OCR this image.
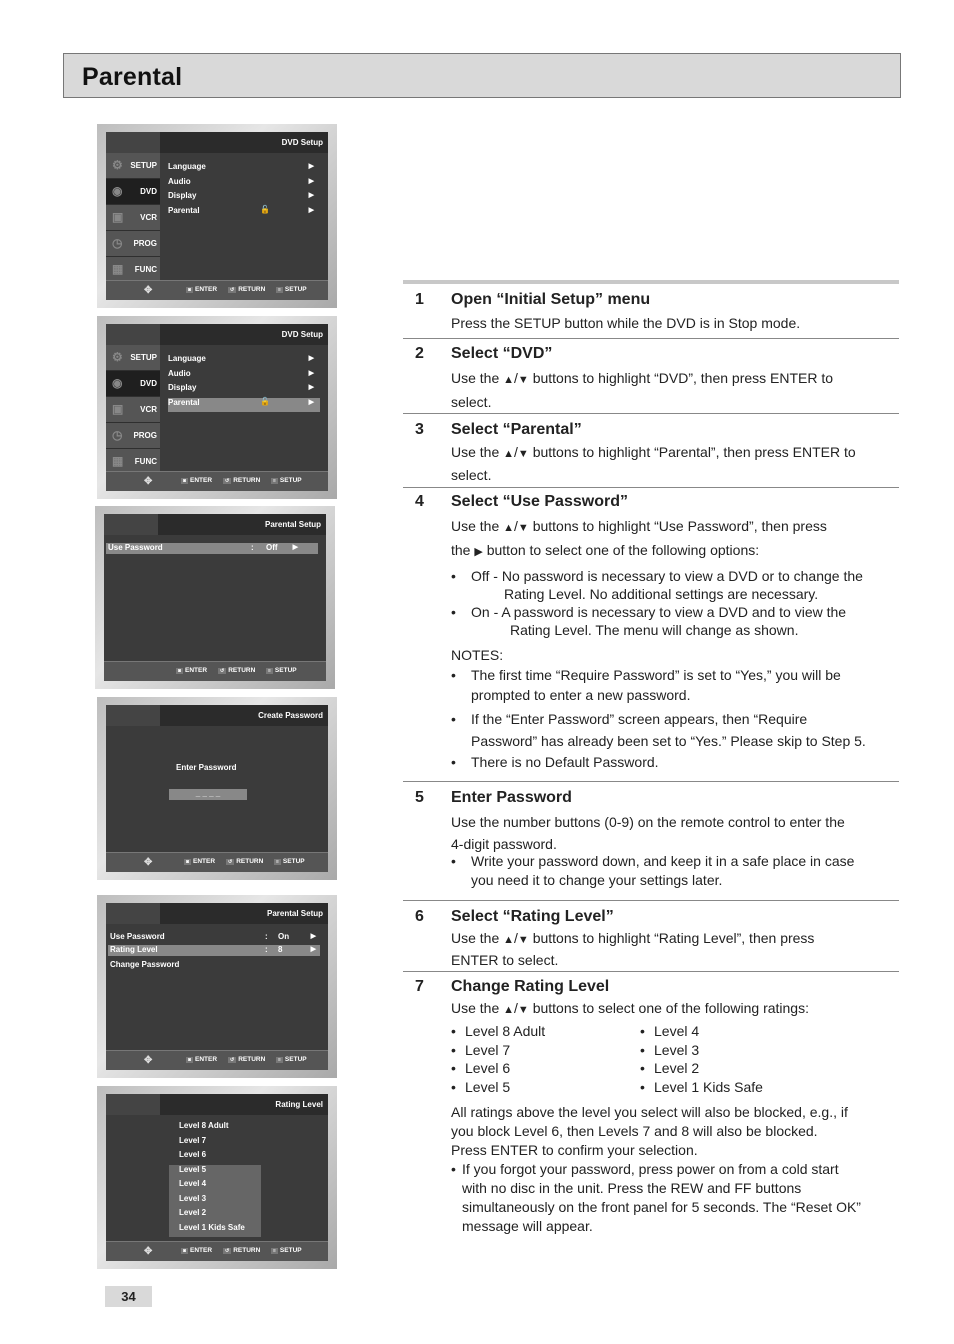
Parental
DVD Setup
⚙ SETUP
◉ DVD
▣ VCR
◷ PROG
▦ FUNC
Language	▶
Audio	▶
Display	▶
Parental	🔓	▶
✥	◙ ENTER	↺ RETURN	≡ SETUP
DVD Setup
⚙ SETUP
◉ DVD
▣ VCR
◷ PROG
▦ FUNC
Language	▶
Audio	▶
Display	▶
Parental	🔓	▶
✥	◙ ENTER	↺ RETURN	≡ SETUP
Parental Setup
Use Password	: Off ▶
◙ ENTER	↺ RETURN	≡ SETUP
Create Password
Enter Password
_ _ _ _
✥	◙ ENTER	↺ RETURN	≡ SETUP
Parental Setup
Use Password	: On	▶
Rating Level	: 8	▶
Change Password
✥	◙ ENTER	↺ RETURN	≡ SETUP
Rating Level
Level 8 Adult
Level 7
Level 6
Level 5
Level 4
Level 3
Level 2
Level 1 Kids Safe
✥	◙ ENTER	↺ RETURN	≡ SETUP
1 Open “Initial Setup” menu
Press the SETUP button while the DVD is in Stop mode.
2 Select “DVD”
Use the ▲/▼ buttons to highlight “DVD”, then press ENTER to
select.
3 Select “Parental”
Use the ▲/▼ buttons to highlight “Parental”, then press ENTER to
select.
4 Select “Use Password”
Use the ▲/▼ buttons to highlight “Use Password”, then press
the ▶ button to select one of the following options:
• Off - No password is necessary to view a DVD or to change the
Rating Level. No additional settings are necessary.
• On - A password is necessary to view a DVD and to view the
Rating Level. The menu will change as shown.
NOTES:
• The first time “Require Password” is set to “Yes,” you will be
prompted to enter a new password.
• If the “Enter Password” screen appears, then “Require
Password” has already been set to “Yes.” Please skip to Step 5.
• There is no Default Password.
5 Enter Password
Use the number buttons (0-9) on the remote control to enter the
4-digit password.
• Write your password down, and keep it in a safe place in case
you need it to change your settings later.
6 Select “Rating Level”
Use the ▲/▼ buttons to highlight “Rating Level”, then press
ENTER to select.
7 Change Rating Level
Use the ▲/▼ buttons to select one of the following ratings:
• Level 8 Adult
• Level 7
• Level 6
• Level 5
• Level 4
• Level 3
• Level 2
• Level 1 Kids Safe
All ratings above the level you select will also be blocked, e.g., if
you block Level 6, then Levels 7 and 8 will also be blocked.
Press ENTER to confirm your selection.
• If you forgot your password, press power on from a cold start
with no disc in the unit. Press the REW and FF buttons
simultaneously on the front panel for 5 seconds. The “Reset OK”
message will appear.
34
